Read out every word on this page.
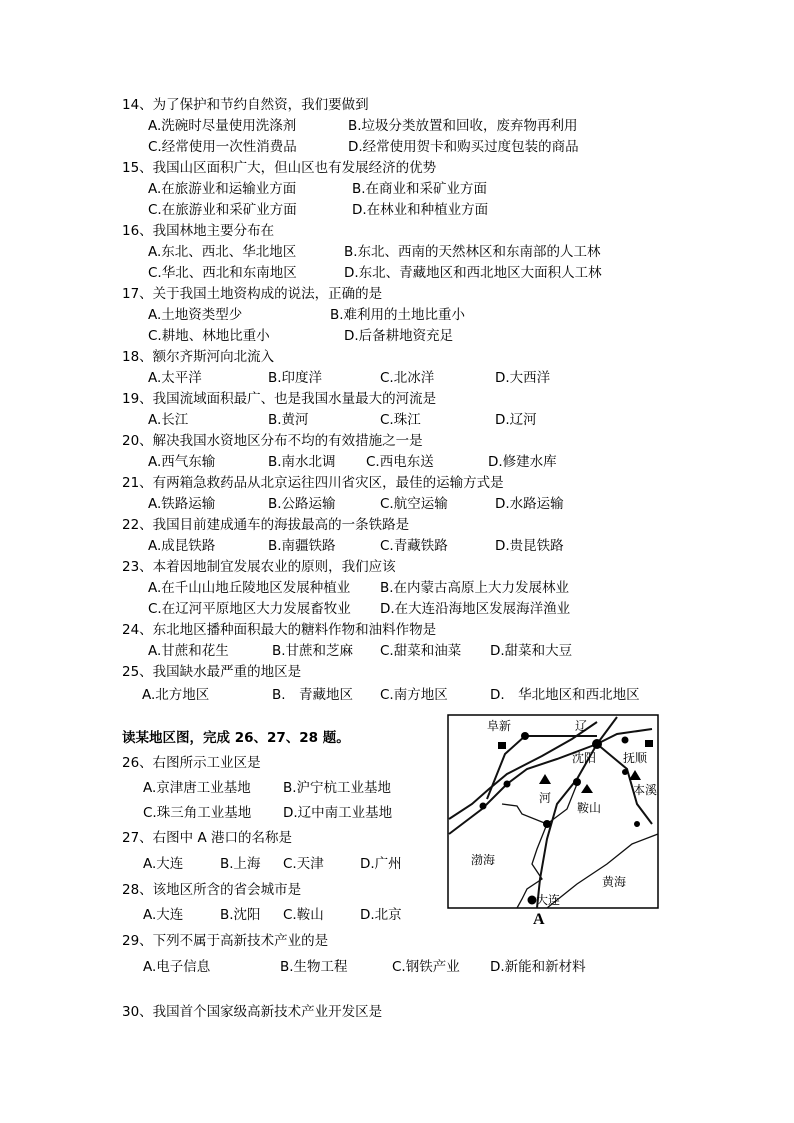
14、为了保护和节约自然资，我们要做到
A.洗碗时尽量使用洗涤剂	B.垃圾分类放置和回收，废弃物再利用
C.经常使用一次性消费品	D.经常使用贺卡和购买过度包装的商品
15、我国山区面积广大，但山区也有发展经济的优势
A.在旅游业和运输业方面	B.在商业和采矿业方面
C.在旅游业和采矿业方面	D.在林业和种植业方面
16、我国林地主要分布在
A.东北、西北、华北地区	B.东北、西南的天然林区和东南部的人工林
C.华北、西北和东南地区	D.东北、青藏地区和西北地区大面积人工林
17、关于我国土地资构成的说法，正确的是
A.土地资类型少	B.难利用的土地比重小
C.耕地、林地比重小	D.后备耕地资充足
18、额尔齐斯河向北流入
A.太平洋	B.印度洋	C.北冰洋	D.大西洋
19、我国流域面积最广、也是我国水量最大的河流是
A.长江	B.黄河	C.珠江	D.辽河
20、解决我国水资地区分布不均的有效措施之一是
A.西气东输	B.南水北调 C.西电东送	D.修建水库
21、有两箱急救药品从北京运往四川省灾区，最佳的运输方式是
A.铁路运输	B.公路运输	C.航空运输	D.水路运输
22、我国目前建成通车的海拔最高的一条铁路是
A.成昆铁路	B.南疆铁路	C.青藏铁路	D.贵昆铁路
23、本着因地制宜发展农业的原则，我们应该
A.在千山山地丘陵地区发展种植业 B.在内蒙古高原上大力发展林业
C.在辽河平原地区大力发展畜牧业 D.在大连沿海地区发展海洋渔业
24、东北地区播种面积最大的糖料作物和油料作物是
A.甘蔗和花生	B.甘蔗和芝麻 C.甜菜和油菜 D.甜菜和大豆
25、我国缺水最严重的地区是
A.北方地区	B.　青藏地区 C.南方地区	D.　华北地区和西北地区
26、右图所示工业区是
A.京津唐工业基地 B.沪宁杭工业基地
C.珠三角工业基地 D.辽中南工业基地
27、右图中 A 港口的名称是
A.大连	B.上海 C.天津	D.广州
28、该地区所含的省会城市是
A.大连	B.沈阳 C.鞍山	D.北京
29、下列不属于高新技术产业的是
A.电子信息	B.生物工程	C.钢铁产业 D.新能和新材料
30、我国首个国家级高新技术产业开发区是
读某地区图，完成 26、27、28 题。
阜新	辽
沈阳 抚顺
河
鞍山
本溪
渤海
黄海
大连
A
